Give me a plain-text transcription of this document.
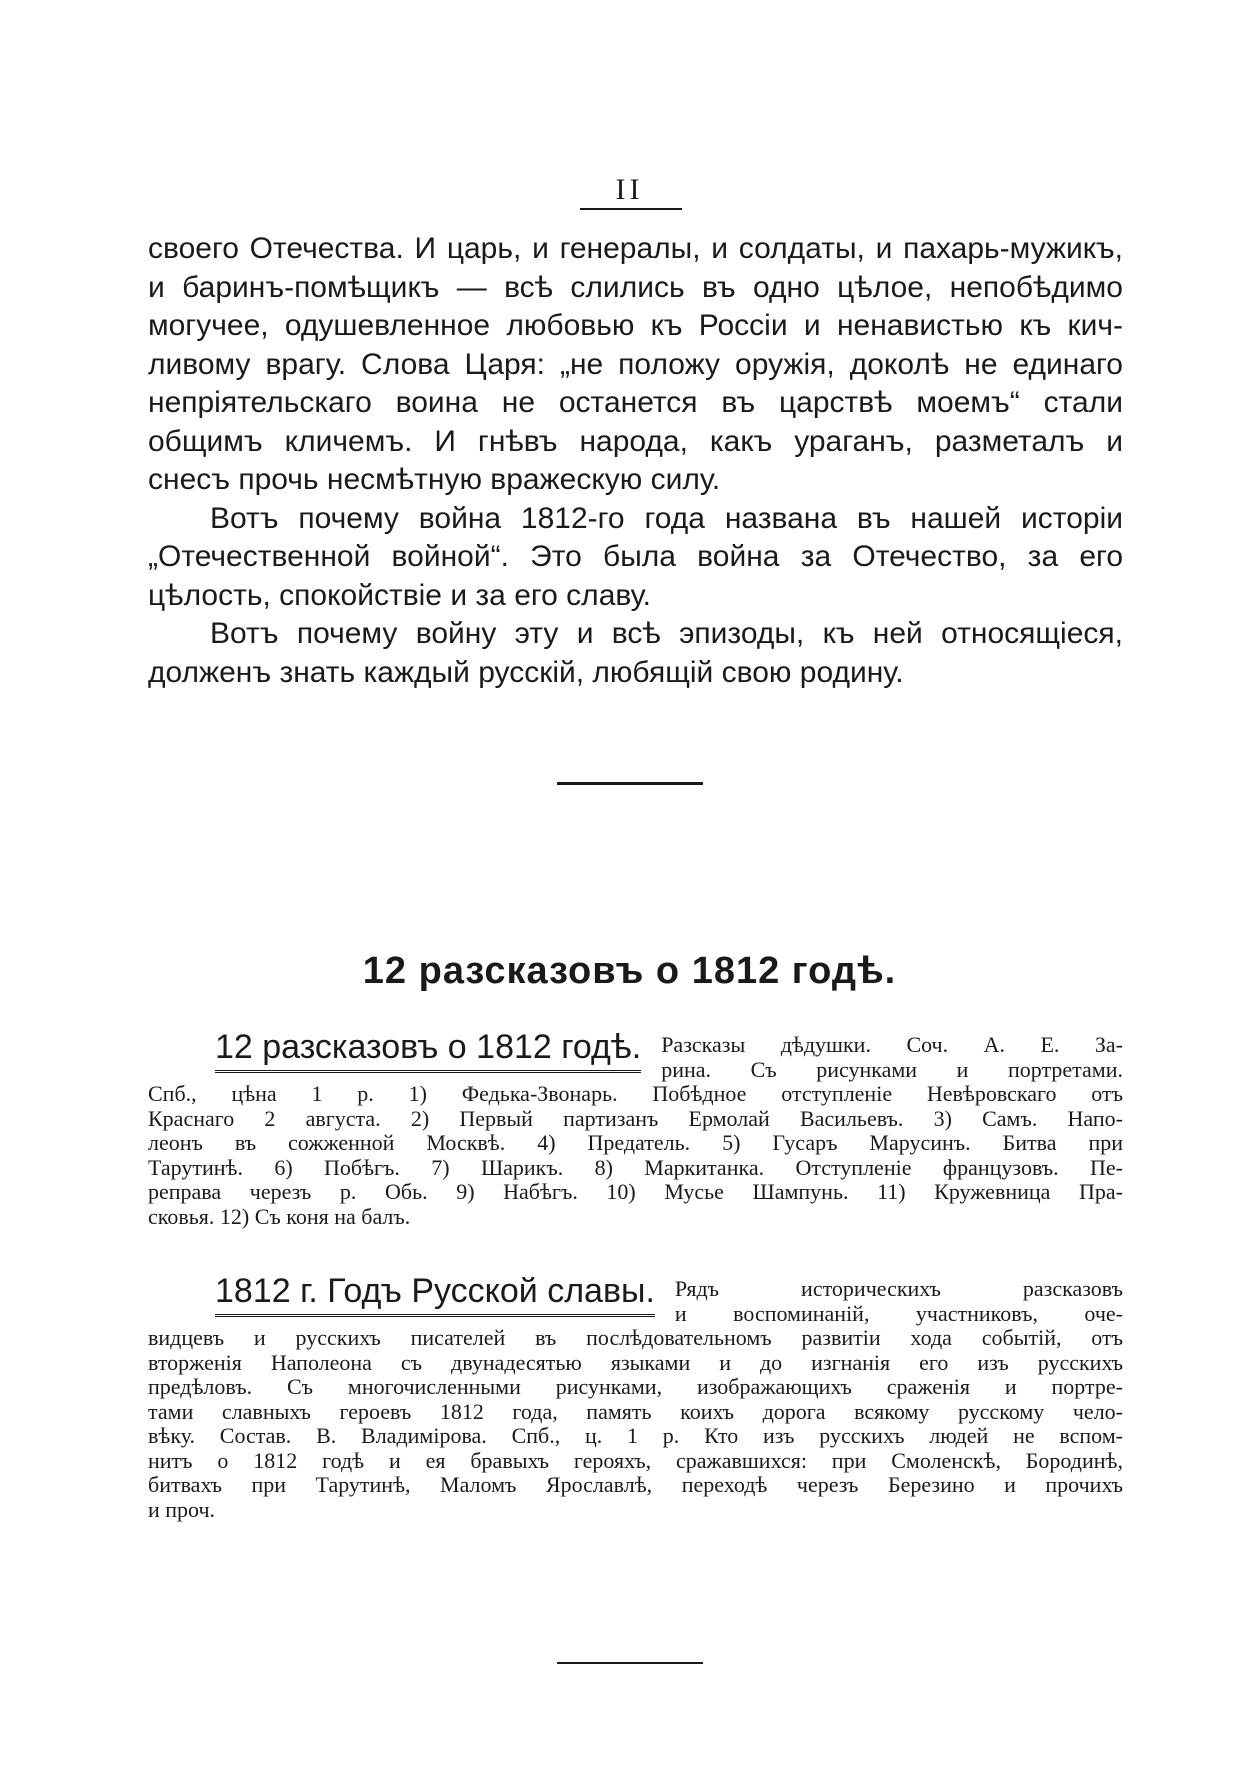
II
своего Отечества. И царь, и генералы, и солдаты, и пахарь-мужикъ,
и баринъ-помѣщикъ — всѣ слились въ одно цѣлое, непобѣдимо
могучее, одушевленное любовью къ Россіи и ненавистью къ кич-
ливому врагу. Слова Царя: „не положу оружія, доколѣ не единаго
непріятельскаго воина не останется въ царствѣ моемъ“ стали
общимъ кличемъ. И гнѣвъ народа, какъ ураганъ, разметалъ и
снесъ прочь несмѣтную вражескую силу.
Вотъ почему война 1812-го года названа въ нашей исторіи
„Отечественной войной“. Это была война за Отечество, за его
цѣлость, спокойствіе и за его славу.
Вотъ почему войну эту и всѣ эпизоды, къ ней относящіеся,
долженъ знать каждый русскій, любящій свою родину.
12 разсказовъ о 1812 годѣ.
12 разсказовъ о 1812 годѣ. Разсказы дѣдушки. Соч. А. Е. За-
рина. Съ рисунками и портретами.
Спб., цѣна 1 р. 1) Федька-Звонарь. Побѣдное отступленіе Невѣровскаго отъ
Краснаго 2 августа. 2) Первый партизанъ Ермолай Васильевъ. 3) Самъ. Напо-
леонъ въ сожженной Москвѣ. 4) Предатель. 5) Гусаръ Марусинъ. Битва при
Тарутинѣ. 6) Побѣгъ. 7) Шарикъ. 8) Маркитанка. Отступленіе французовъ. Пе-
реправа черезъ р. Обь. 9) Набѣгъ. 10) Мусье Шампунь. 11) Кружевница Пра-
сковья. 12) Съ коня на балъ.
1812 г. Годъ Русской славы. Рядъ историческихъ разсказовъ
и воспоминаній, участниковъ, оче-
видцевъ и русскихъ писателей въ послѣдовательномъ развитіи хода событій, отъ
вторженія Наполеона съ двунадесятью языками и до изгнанія его изъ русскихъ
предѣловъ. Съ многочисленными рисунками, изображающихъ сраженія и портре-
тами славныхъ героевъ 1812 года, память коихъ дорога всякому русскому чело-
вѣку. Состав. В. Владимірова. Спб., ц. 1 р. Кто изъ русскихъ людей не вспом-
нитъ о 1812 годѣ и ея бравыхъ герояхъ, сражавшихся: при Смоленскѣ, Бородинѣ,
битвахъ при Тарутинѣ, Маломъ Ярославлѣ, переходѣ черезъ Березино и прочихъ
и проч.
